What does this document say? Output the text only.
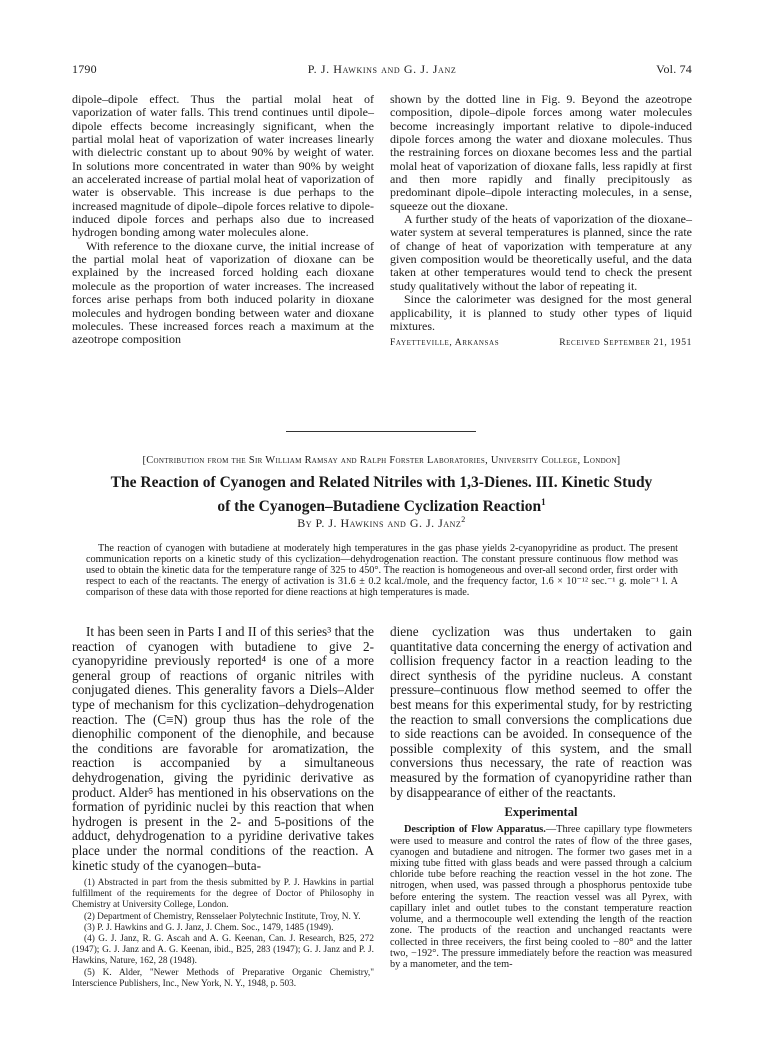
1790	P. J. Hawkins and G. J. Janz	Vol. 74

dipole–dipole effect. Thus the partial molal heat of vaporization of water falls. This trend continues until dipole–dipole effects become increasingly significant, when the partial molal heat of vaporization of water increases linearly with dielectric constant up to about 90% by weight of water. In solutions more concentrated in water than 90% by weight an accelerated increase of partial molal heat of vaporization of water is observable. This increase is due perhaps to the increased magnitude of dipole–dipole forces relative to dipole-induced dipole forces and perhaps also due to increased hydrogen bonding among water molecules alone.

With reference to the dioxane curve, the initial increase of the partial molal heat of vaporization of dioxane can be explained by the increased forced holding each dioxane molecule as the proportion of water increases. The increased forces arise perhaps from both induced polarity in dioxane molecules and hydrogen bonding between water and dioxane molecules. These increased forces reach a maximum at the azeotrope composition

shown by the dotted line in Fig. 9. Beyond the azeotrope composition, dipole–dipole forces among water molecules become increasingly important relative to dipole-induced dipole forces among the water and dioxane molecules. Thus the restraining forces on dioxane becomes less and the partial molal heat of vaporization of dioxane falls, less rapidly at first and then more rapidly and finally precipitously as predominant dipole–dipole interacting molecules, in a sense, squeeze out the dioxane.

A further study of the heats of vaporization of the dioxane–water system at several temperatures is planned, since the rate of change of heat of vaporization with temperature at any given composition would be theoretically useful, and the data taken at other temperatures would tend to check the present study qualitatively without the labor of repeating it.

Since the calorimeter was designed for the most general applicability, it is planned to study other types of liquid mixtures.

Fayetteville, Arkansas	Received September 21, 1951
[Contribution from the Sir William Ramsay and Ralph Forster Laboratories, University College, London]
The Reaction of Cyanogen and Related Nitriles with 1,3-Dienes. III. Kinetic Study
of the Cyanogen–Butadiene Cyclization Reaction$^1$
By P. J. Hawkins and G. J. Janz$^2$

The reaction of cyanogen with butadiene at moderately high temperatures in the gas phase yields 2-cyanopyridine as product. The present communication reports on a kinetic study of this cyclization—dehydrogenation reaction. The constant pressure continuous flow method was used to obtain the kinetic data for the temperature range of 325 to 450°. The reaction is homogeneous and over-all second order, first order with respect to each of the reactants. The energy of activation is 31.6 ± 0.2 kcal./mole, and the frequency factor, 1.6 × 10⁻¹² sec.⁻¹ g. mole⁻¹ l. A comparison of these data with those reported for diene reactions at high temperatures is made.

It has been seen in Parts I and II of this series³ that the reaction of cyanogen with butadiene to give 2-cyanopyridine previously reported⁴ is one of a more general group of reactions of organic nitriles with conjugated dienes. This generality favors a Diels–Alder type of mechanism for this cyclization–dehydrogenation reaction. The (C≡N) group thus has the role of the dienophilic component of the dienophile, and because the conditions are favorable for aromatization, the reaction is accompanied by a simultaneous dehydrogenation, giving the pyridinic derivative as product. Alder⁵ has mentioned in his observations on the formation of pyridinic nuclei by this reaction that when hydrogen is present in the 2- and 5-positions of the adduct, dehydrogenation to a pyridine derivative takes place under the normal conditions of the reaction. A kinetic study of the cyanogen–buta-

diene cyclization was thus undertaken to gain quantitative data concerning the energy of activation and collision frequency factor in a reaction leading to the direct synthesis of the pyridine nucleus. A constant pressure–continuous flow method seemed to offer the best means for this experimental study, for by restricting the reaction to small conversions the complications due to side reactions can be avoided. In consequence of the possible complexity of this system, and the small conversions thus necessary, the rate of reaction was measured by the formation of cyanopyridine rather than by disappearance of either of the reactants.

Experimental

Description of Flow Apparatus.—Three capillary type flowmeters were used to measure and control the rates of flow of the three gases, cyanogen and butadiene and nitrogen. The former two gases met in a mixing tube fitted with glass beads and were passed through a calcium chloride tube before reaching the reaction vessel in the hot zone. The nitrogen, when used, was passed through a phosphorus pentoxide tube before entering the system. The reaction vessel was all Pyrex, with capillary inlet and outlet tubes to the constant temperature reaction volume, and a thermocouple well extending the length of the reaction zone. The products of the reaction and unchanged reactants were collected in three receivers, the first being cooled to −80° and the latter two, −192°. The pressure immediately before the reaction was measured by a manometer, and the tem-

(1) Abstracted in part from the thesis submitted by P. J. Hawkins in partial fulfillment of the requirements for the degree of Doctor of Philosophy in Chemistry at University College, London.

(2) Department of Chemistry, Rensselaer Polytechnic Institute, Troy, N. Y.

(3) P. J. Hawkins and G. J. Janz, J. Chem. Soc., 1479, 1485 (1949).

(4) G. J. Janz, R. G. Ascah and A. G. Keenan, Can. J. Research, B25, 272 (1947); G. J. Janz and A. G. Keenan, ibid., B25, 283 (1947); G. J. Janz and P. J. Hawkins, Nature, 162, 28 (1948).

(5) K. Alder, "Newer Methods of Preparative Organic Chemistry," Interscience Publishers, Inc., New York, N. Y., 1948, p. 503.
